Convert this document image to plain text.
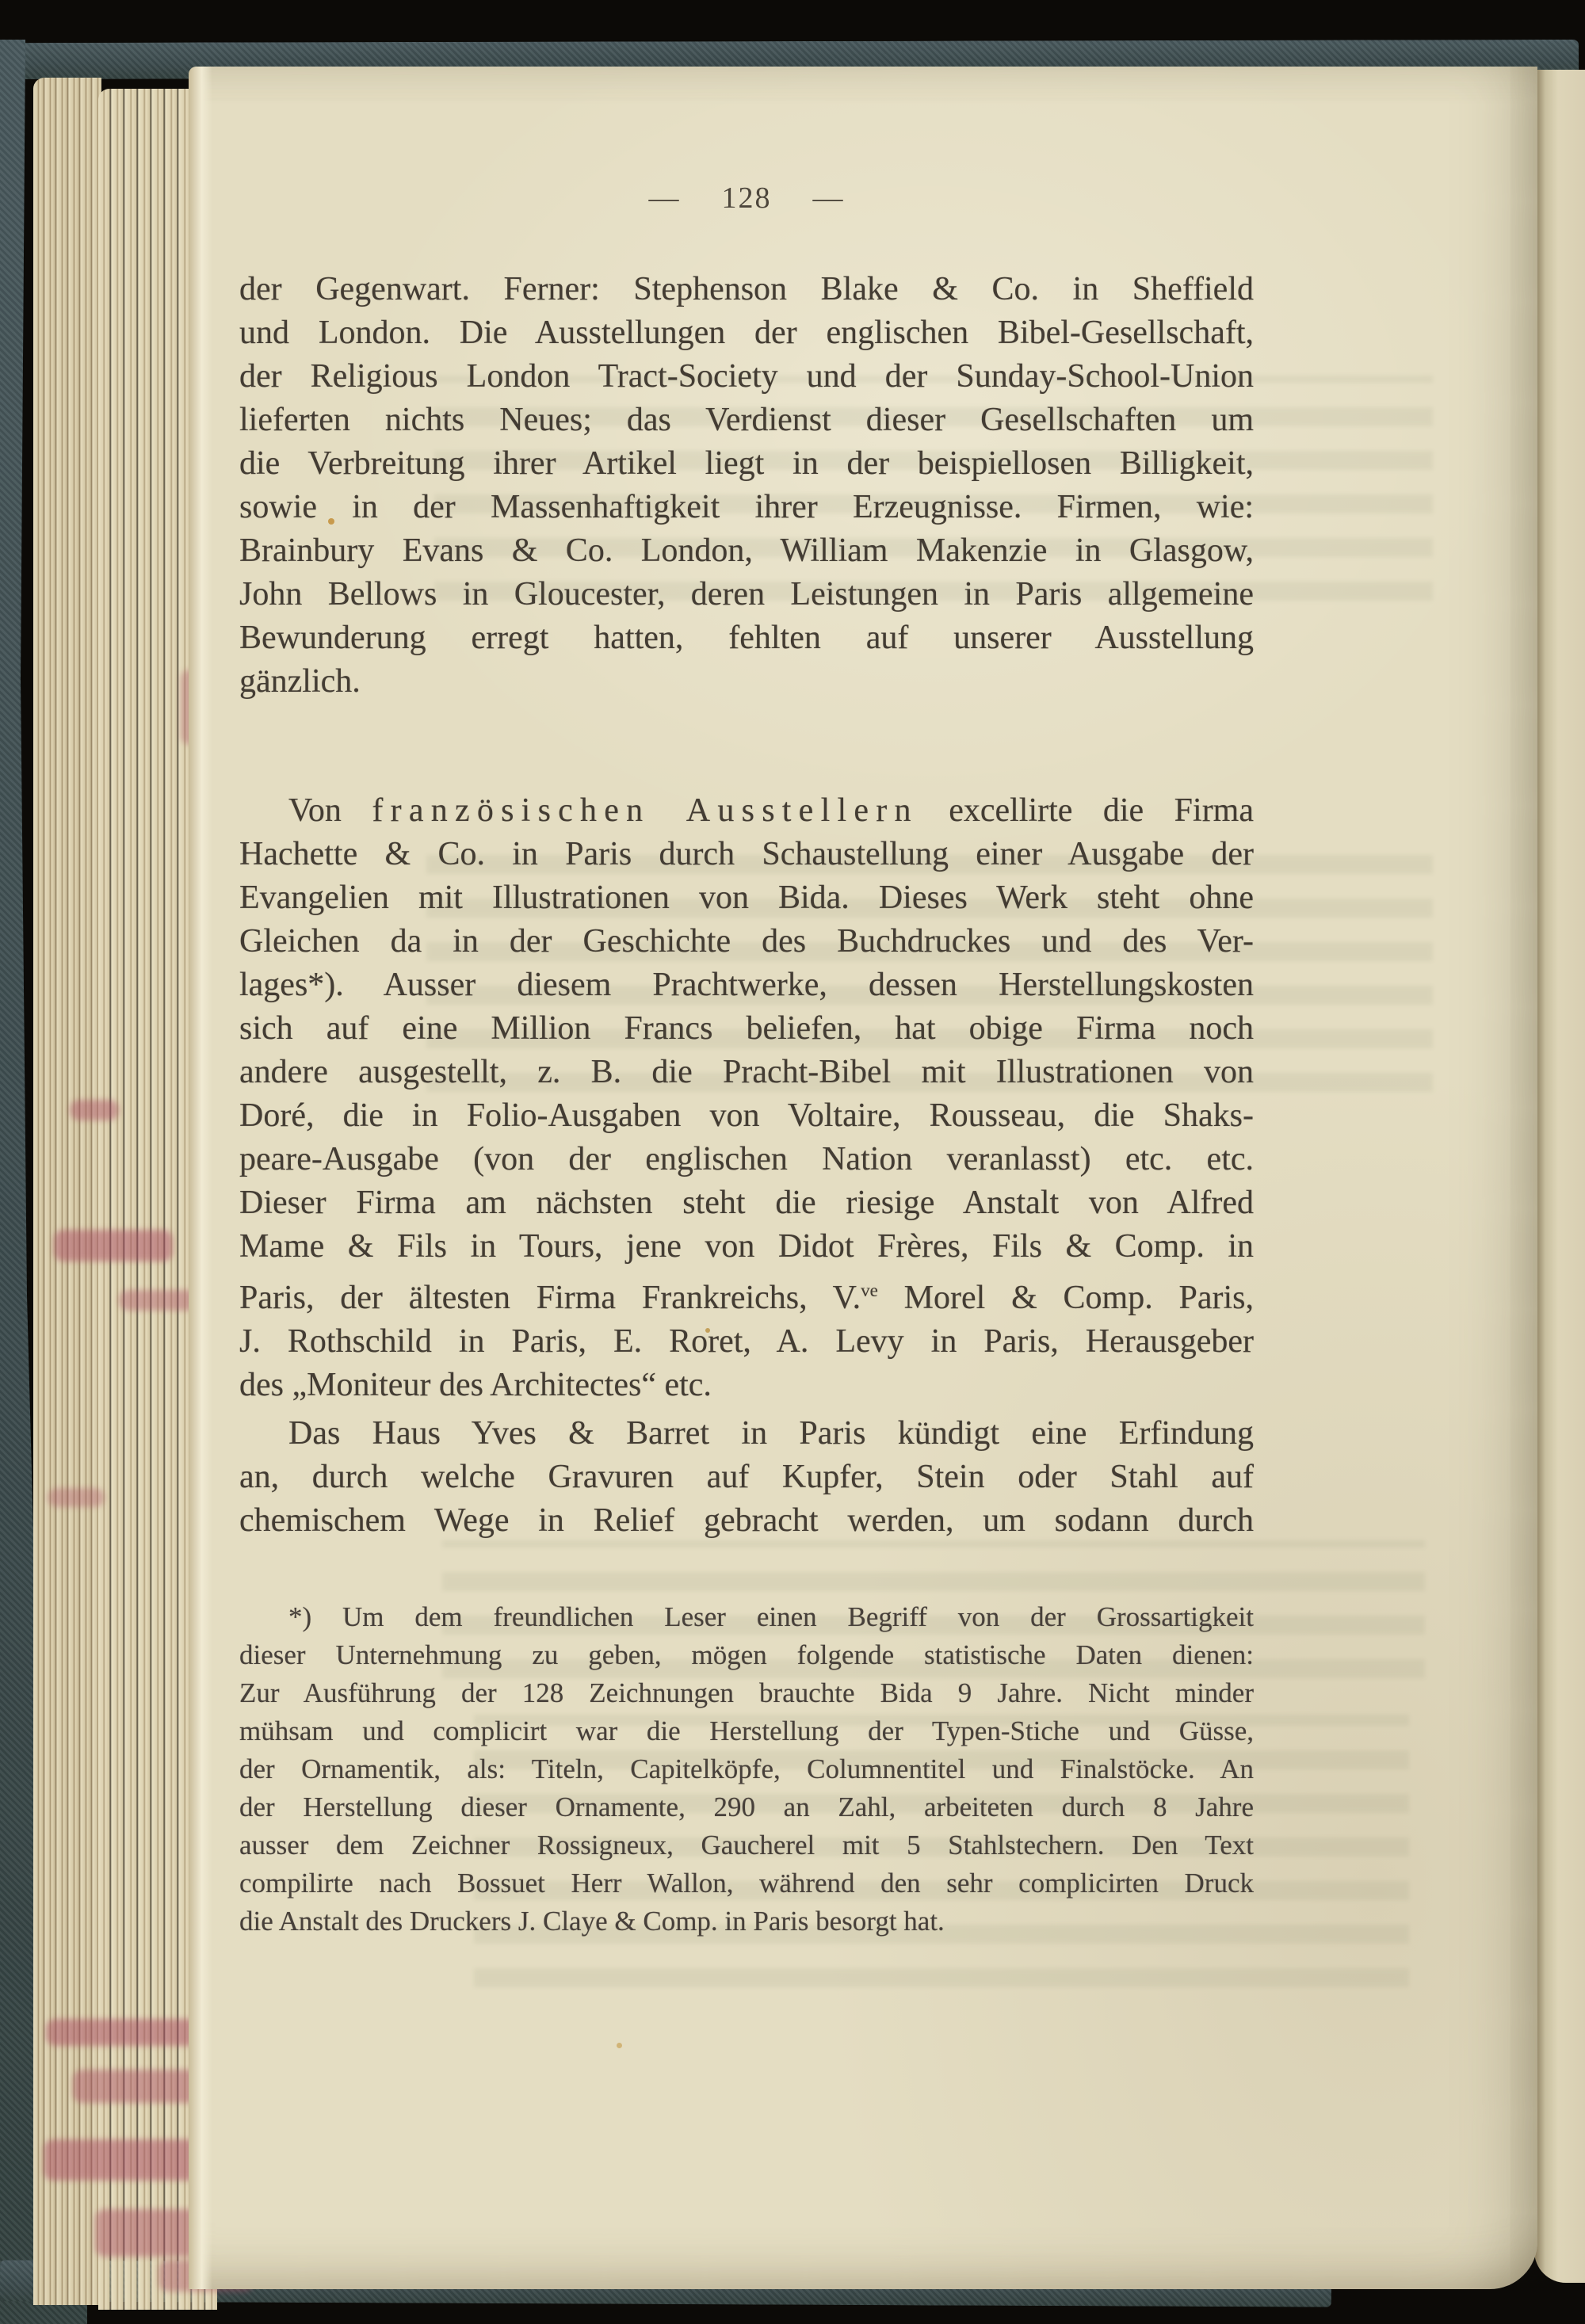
— 128 —
der Gegenwart. Ferner: Stephenson Blake & Co. in Sheffield
und London. Die Ausstellungen der englischen Bibel-Gesellschaft,
der Religious London Tract-Society und der Sunday-School-Union
lieferten nichts Neues; das Verdienst dieser Gesellschaften um
die Verbreitung ihrer Artikel liegt in der beispiellosen Billigkeit,
sowie in der Massenhaftigkeit ihrer Erzeugnisse. Firmen, wie:
Brainbury Evans & Co. London, William Makenzie in Glasgow,
John Bellows in Gloucester, deren Leistungen in Paris allgemeine
Bewunderung erregt hatten, fehlten auf unserer Ausstellung
gänzlich.
Von französischen Ausstellern excellirte die Firma
Hachette & Co. in Paris durch Schaustellung einer Ausgabe der
Evangelien mit Illustrationen von Bida. Dieses Werk steht ohne
Gleichen da in der Geschichte des Buchdruckes und des Ver-
lages*). Ausser diesem Prachtwerke, dessen Herstellungskosten
sich auf eine Million Francs beliefen, hat obige Firma noch
andere ausgestellt, z. B. die Pracht-Bibel mit Illustrationen von
Doré, die in Folio-Ausgaben von Voltaire, Rousseau, die Shaks-
peare-Ausgabe (von der englischen Nation veranlasst) etc. etc.
Dieser Firma am nächsten steht die riesige Anstalt von Alfred
Mame & Fils in Tours, jene von Didot Frères, Fils & Comp. in
Paris, der ältesten Firma Frankreichs, V.$^{ve}$ Morel & Comp. Paris,
J. Rothschild in Paris, E. Roret, A. Levy in Paris, Herausgeber
des „Moniteur des Architectes“ etc.
Das Haus Yves & Barret in Paris kündigt eine Erfindung
an, durch welche Gravuren auf Kupfer, Stein oder Stahl auf
chemischem Wege in Relief gebracht werden, um sodann durch
*) Um dem freundlichen Leser einen Begriff von der Grossartigkeit
dieser Unternehmung zu geben, mögen folgende statistische Daten dienen:
Zur Ausführung der 128 Zeichnungen brauchte Bida 9 Jahre. Nicht minder
mühsam und complicirt war die Herstellung der Typen-Stiche und Güsse,
der Ornamentik, als: Titeln, Capitelköpfe, Columnentitel und Finalstöcke. An
der Herstellung dieser Ornamente, 290 an Zahl, arbeiteten durch 8 Jahre
ausser dem Zeichner Rossigneux, Gaucherel mit 5 Stahlstechern. Den Text
compilirte nach Bossuet Herr Wallon, während den sehr complicirten Druck
die Anstalt des Druckers J. Claye & Comp. in Paris besorgt hat.
